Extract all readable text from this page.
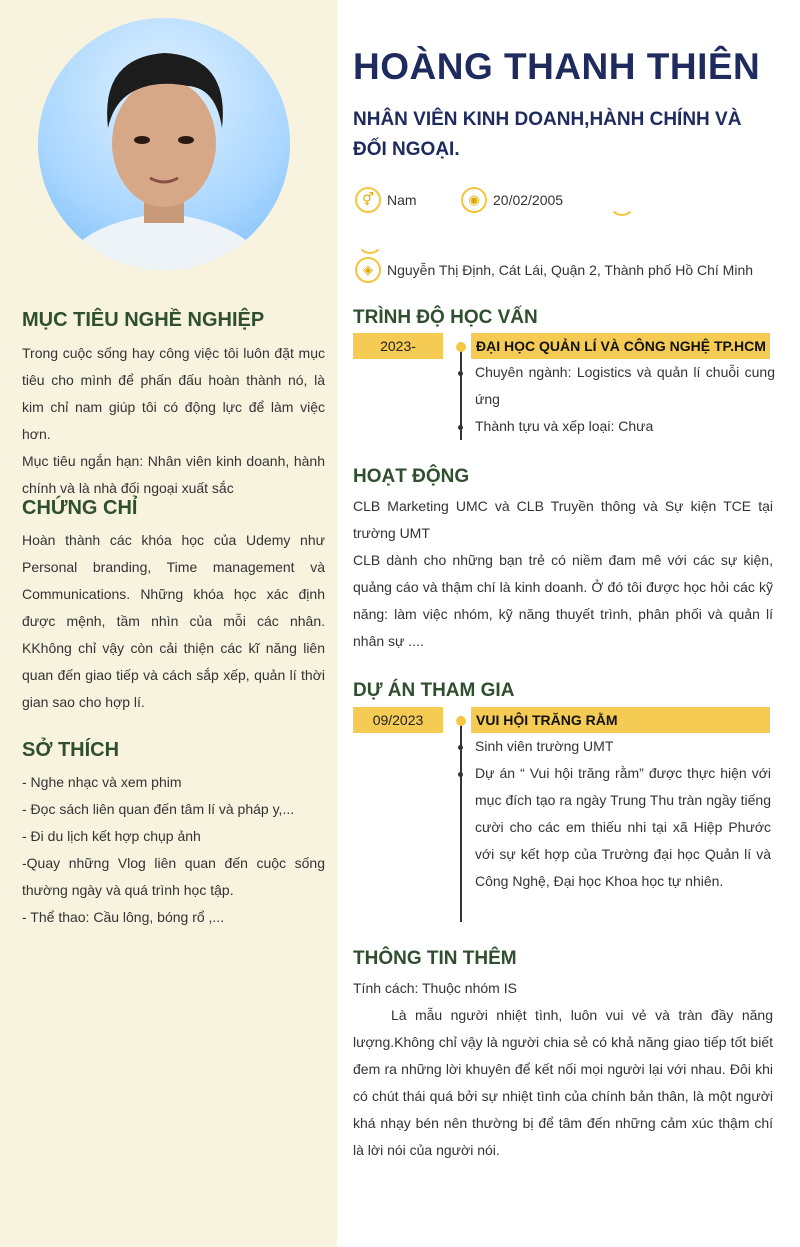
MỤC TIÊU NGHỀ NGHIỆP

Trong cuộc sống hay công việc tôi luôn đặt mục tiêu cho mình để phấn đấu hoàn thành nó, là kim chỉ nam giúp tôi có động lực để làm việc hơn.

Mục tiêu ngắn hạn: Nhân viên kinh doanh, hành chính và là nhà đối ngoại xuất sắc

CHỨNG CHỈ

Hoàn thành các khóa học của Udemy như Personal branding, Time management và Communications. Những khóa học xác định được mệnh, tầm nhìn của mỗi các nhân. KKhông chỉ vậy còn cải thiện các kĩ năng liên quan đến giao tiếp và cách sắp xếp, quản lí thời gian sao cho hợp lí.

SỞ THÍCH

- Nghe nhạc và xem phim

- Đọc sách liên quan đến tâm lí và pháp y,...

- Đi du lịch kết hợp chụp ảnh

-Quay những Vlog liên quan đến cuộc sống thường ngày và quá trình học tập.

- Thể thao: Cầu lông, bóng rổ ,...

HOÀNG THANH THIÊN
NHÂN VIÊN KINH DOANH,HÀNH CHÍNH VÀ ĐỐI NGOẠI.
⚥ Nam	◉ 20/02/2005
◈	Nguyễn Thị Định, Cát Lái, Quận 2, Thành phố Hồ Chí Minh
TRÌNH ĐỘ HỌC VẤN
2023-	ĐẠI HỌC QUẢN LÍ VÀ CÔNG NGHỆ TP.HCM
Chuyên ngành: Logistics và quản lí chuỗi cung ứng
Thành tựu và xếp loại: Chưa
HOẠT ĐỘNG

CLB Marketing UMC và CLB Truyền thông và Sự kiện TCE tại trường UMT

CLB dành cho những bạn trẻ có niềm đam mê với các sự kiện, quảng cáo và thậm chí là kinh doanh. Ở đó tôi được học hỏi các kỹ năng: làm việc nhóm, kỹ năng thuyết trình, phân phối và quản lí nhân sự ....

DỰ ÁN THAM GIA
09/2023	VUI HỘI TRĂNG RẰM
Sinh viên trường UMT
Dự án “ Vui hội trăng rằm” được thực hiện với mục đích tạo ra ngày Trung Thu tràn ngầy tiếng cười cho các em thiếu nhi tại xã Hiệp Phước với sự kết hợp của Trường đại học Quản lí và Công Nghệ, Đại học Khoa học tự nhiên.
THÔNG TIN THÊM

Tính cách: Thuộc nhóm IS

Là mẫu người nhiệt tình, luôn vui vẻ và tràn đầy năng lượng.Không chỉ vậy là người chia sẻ có khả năng giao tiếp tốt biết đem ra những lời khuyên để kết nối mọi người lại với nhau. Đôi khi có chút thái quá bởi sự nhiệt tình của chính bản thân, là một người khá nhạy bén nên thường bị để tâm đến những cảm xúc thậm chí là lời nói của người nói.
